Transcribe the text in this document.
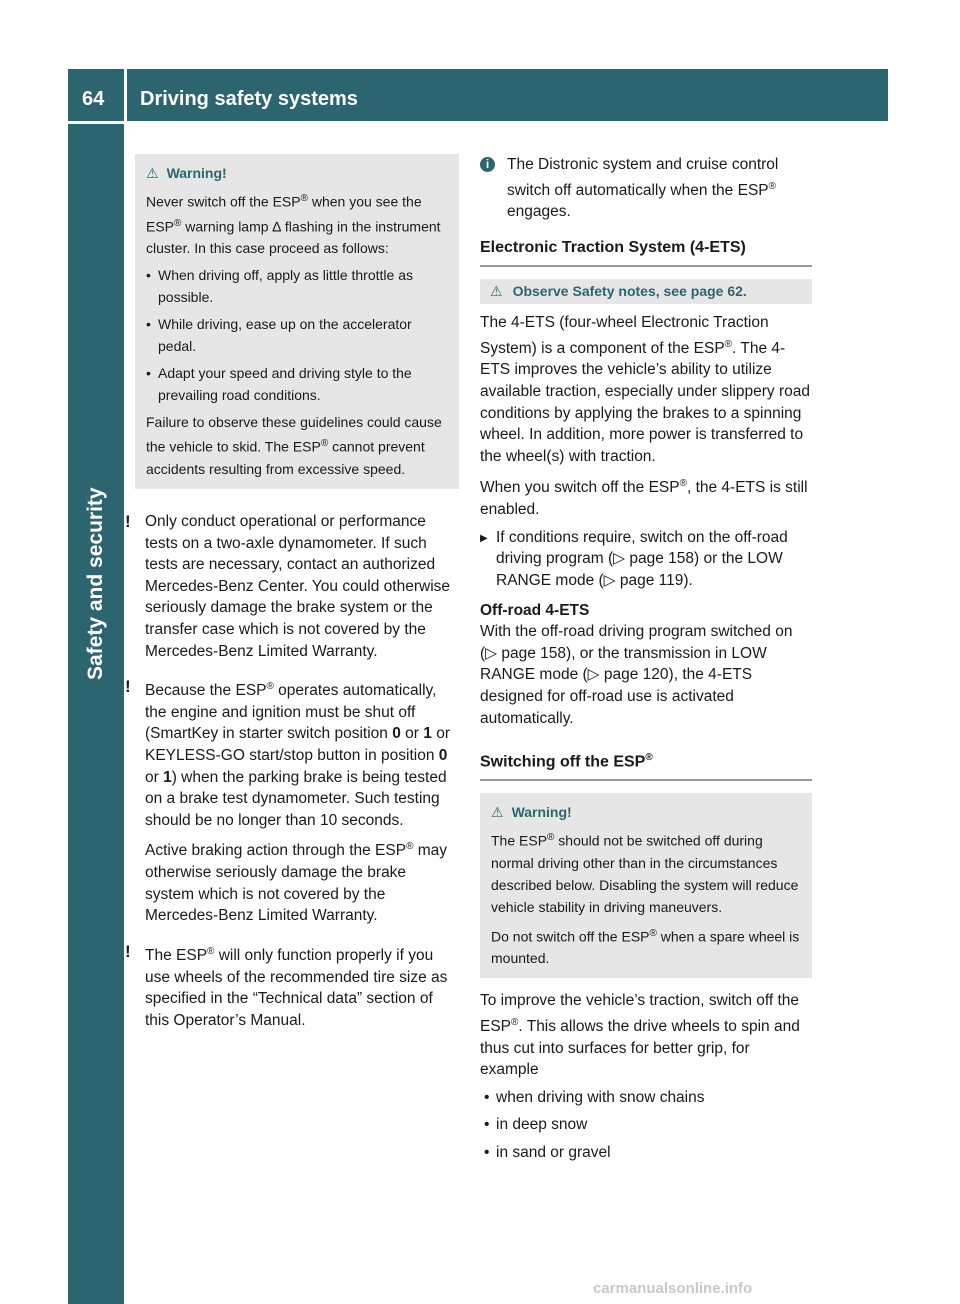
64 Driving safety systems
Safety and security
⚠ Warning!

Never switch off the ESP® when you see the ESP® warning lamp ∆ flashing in the instrument cluster. In this case proceed as follows:

• When driving off, apply as little throttle as possible.
• While driving, ease up on the accelerator pedal.
• Adapt your speed and driving style to the prevailing road conditions.

Failure to observe these guidelines could cause the vehicle to skid. The ESP® cannot prevent accidents resulting from excessive speed.

! Only conduct operational or performance tests on a two-axle dynamometer. If such tests are necessary, contact an authorized Mercedes-Benz Center. You could otherwise seriously damage the brake system or the transfer case which is not covered by the Mercedes-Benz Limited Warranty.

! Because the ESP® operates automatically, the engine and ignition must be shut off (SmartKey in starter switch position 0 or 1 or KEYLESS-GO start/stop button in position 0 or 1) when the parking brake is being tested on a brake test dynamometer. Such testing should be no longer than 10 seconds.

Active braking action through the ESP® may otherwise seriously damage the brake system which is not covered by the Mercedes-Benz Limited Warranty.

! The ESP® will only function properly if you use wheels of the recommended tire size as specified in the “Technical data” section of this Operator’s Manual.

i	The Distronic system and cruise control switch off automatically when the ESP® engages.
Electronic Traction System (4-ETS)
⚠ Observe Safety notes, see page 62.

The 4-ETS (four-wheel Electronic Traction System) is a component of the ESP®. The 4-ETS improves the vehicle’s ability to utilize available traction, especially under slippery road conditions by applying the brakes to a spinning wheel. In addition, more power is transferred to the wheel(s) with traction.

When you switch off the ESP®, the 4-ETS is still enabled.

▶ If conditions require, switch on the off-road driving program (▷ page 158) or the LOW RANGE mode (▷ page 119).
Off-road 4-ETS

With the off-road driving program switched on (▷ page 158), or the transmission in LOW RANGE mode (▷ page 120), the 4-ETS designed for off-road use is activated automatically.

Switching off the ESP®
⚠ Warning!

The ESP® should not be switched off during normal driving other than in the circumstances described below. Disabling the system will reduce vehicle stability in driving maneuvers.

Do not switch off the ESP® when a spare wheel is mounted.

To improve the vehicle’s traction, switch off the ESP®. This allows the drive wheels to spin and thus cut into surfaces for better grip, for example

• when driving with snow chains
• in deep snow
• in sand or gravel
carmanualsonline.info
